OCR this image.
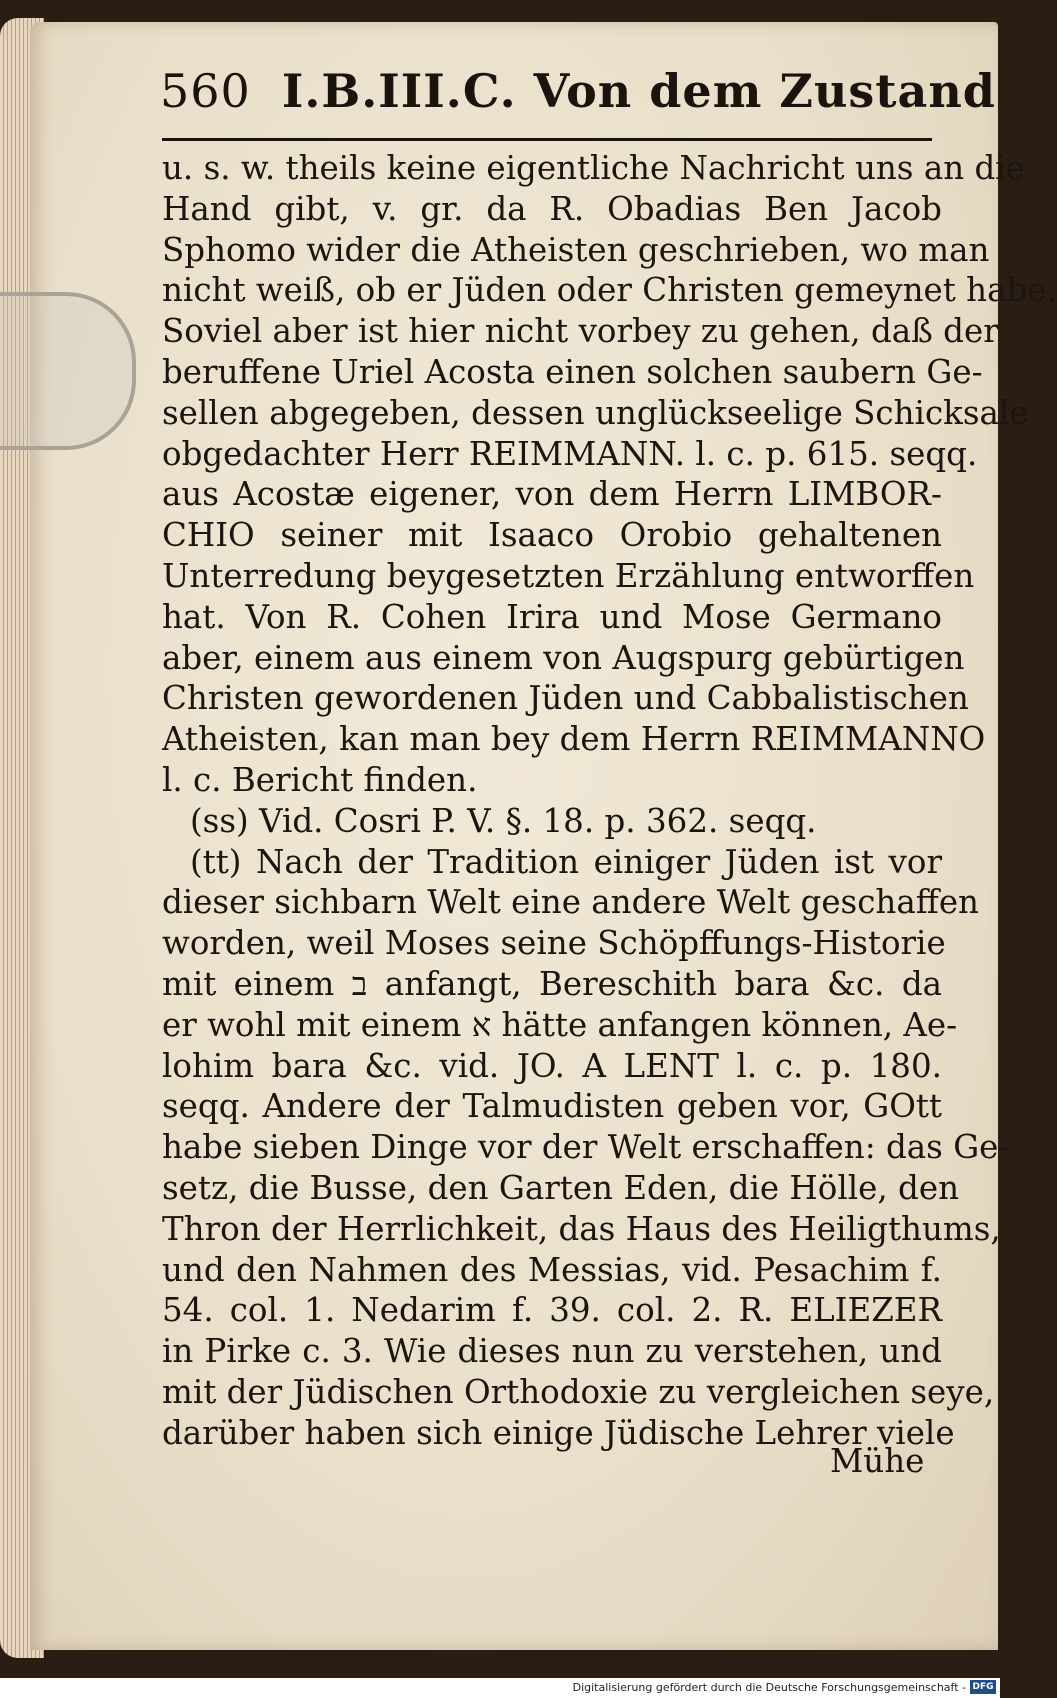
560 I.B.III.C. Von dem Zustand
u. s. w. theils keine eigentliche Nachricht uns an die
Hand gibt, v. gr. da R. Obadias Ben Jacob
Sphomo wider die Atheisten geschrieben, wo man
nicht weiß, ob er Jüden oder Christen gemeynet habe.
Soviel aber ist hier nicht vorbey zu gehen, daß der
beruffene Uriel Acosta einen solchen saubern Ge-
sellen abgegeben, dessen unglückseelige Schicksale
obgedachter Herr REIMMANN. l. c. p. 615. seqq.
aus Acostæ eigener, von dem Herrn LIMBOR-
CHIO seiner mit Isaaco Orobio gehaltenen
Unterredung beygesetzten Erzählung entworffen
hat. Von R. Cohen Irira und Mose Germano
aber, einem aus einem von Augspurg gebürtigen
Christen gewordenen Jüden und Cabbalistischen
Atheisten, kan man bey dem Herrn REIMMANNO
l. c. Bericht finden.
(ss) Vid. Cosri P. V. §. 18. p. 362. seqq.
(tt) Nach der Tradition einiger Jüden ist vor
dieser sichbarn Welt eine andere Welt geschaffen
worden, weil Moses seine Schöpffungs-Historie
mit einem ב anfangt, Bereschith bara &c. da
er wohl mit einem א hätte anfangen können, Ae-
lohim bara &c. vid. JO. A LENT l. c. p. 180.
seqq. Andere der Talmudisten geben vor, GOtt
habe sieben Dinge vor der Welt erschaffen: das Ge-
setz, die Busse, den Garten Eden, die Hölle, den
Thron der Herrlichkeit, das Haus des Heiligthums,
und den Nahmen des Messias, vid. Pesachim f.
54. col. 1. Nedarim f. 39. col. 2. R. ELIEZER
in Pirke c. 3. Wie dieses nun zu verstehen, und
mit der Jüdischen Orthodoxie zu vergleichen seye,
darüber haben sich einige Jüdische Lehrer viele
Mühe
Digitalisierung gefördert durch die Deutsche Forschungsgemeinschaft - DFG
